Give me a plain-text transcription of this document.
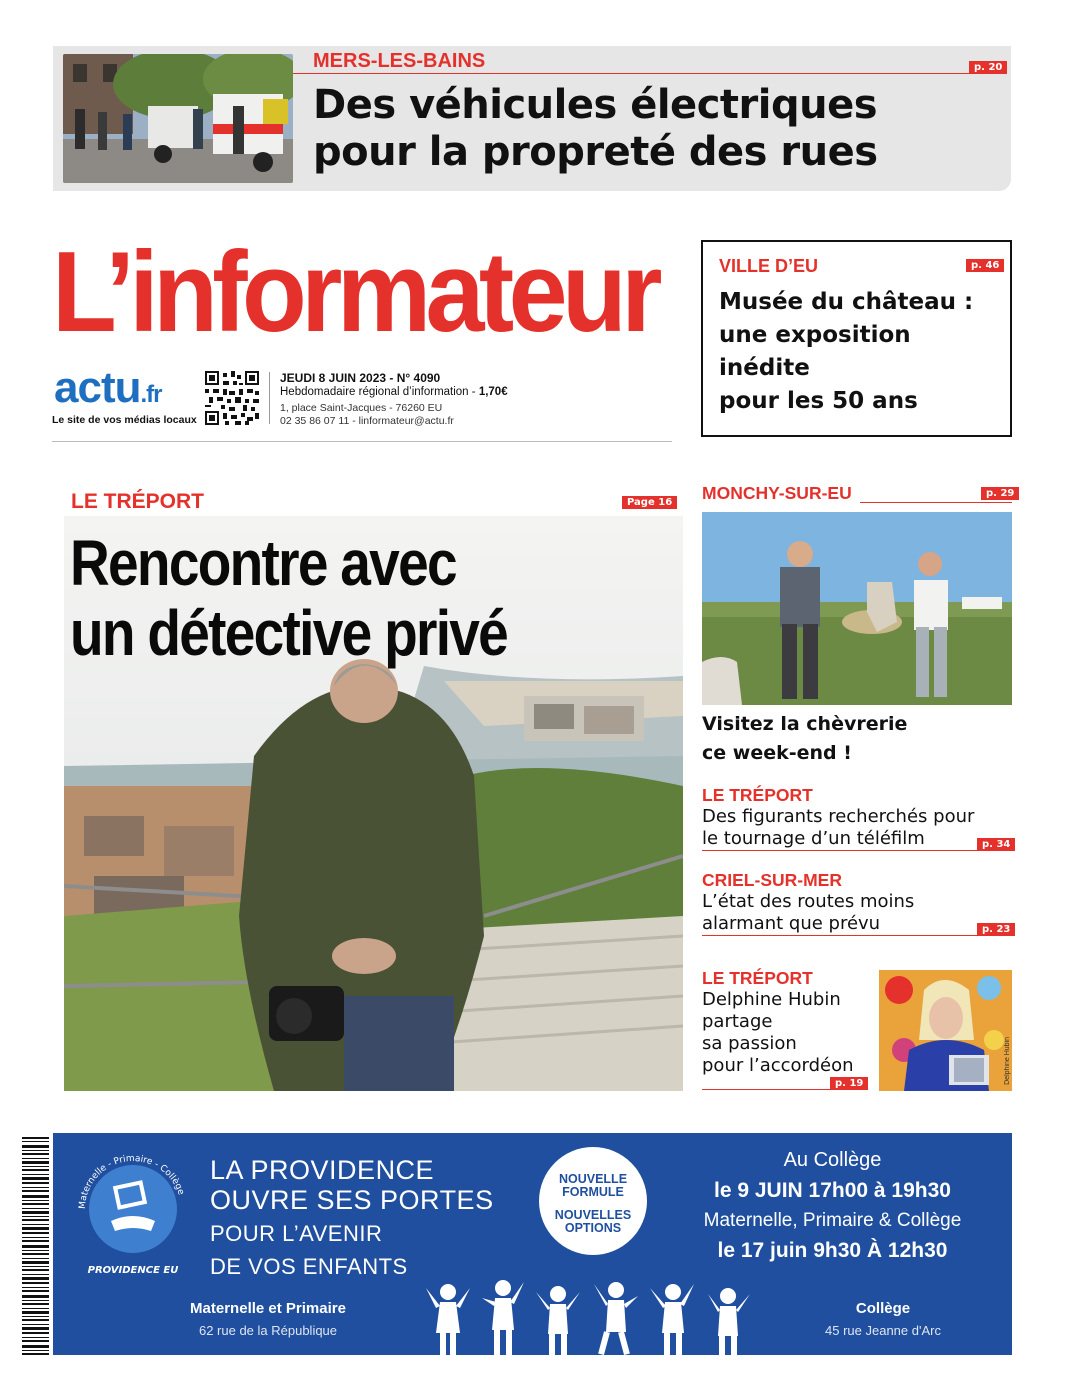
MERS-LES-BAINS	p. 20
Des véhicules électriques
pour la propreté des rues
L’informateur
actu.fr
Le site de vos médias locaux
JEUDI 8 JUIN 2023 - N° 4090
Hebdomadaire régional d’information - 1,70€
1, place Saint-Jacques - 76260 EU
02 35 86 07 11 - linformateur@actu.fr
VILLE D’EU	p. 46
Musée du château :
une exposition
inédite
pour les 50 ans
LE TRÉPORT	Page 16
Rencontre avec
un détective privé
MONCHY-SUR-EU	p. 29
Visitez la chèvrerie
ce week-end !
LE TRÉPORT
Des figurants recherchés pour
le tournage d’un téléfilm	p. 34
CRIEL-SUR-MER
L’état des routes moins
alarmant que prévu	p. 23
LE TRÉPORT
Delphine Hubin
partage
sa passion
pour l’accordéon
p. 19	Delphine Hubin
Maternelle - Primaire - Collège
PROVIDENCE EU
LA PROVIDENCE
OUVRE SES PORTES
POUR L’AVENIR
DE VOS ENFANTS
NOUVELLE
FORMULE
NOUVELLES
OPTIONS
Au Collège
le 9 JUIN 17h00 à 19h30
Maternelle, Primaire & Collège
le 17 juin 9h30 À 12h30
Maternelle et Primaire
62 rue de la République
Collège
45 rue Jeanne d'Arc
